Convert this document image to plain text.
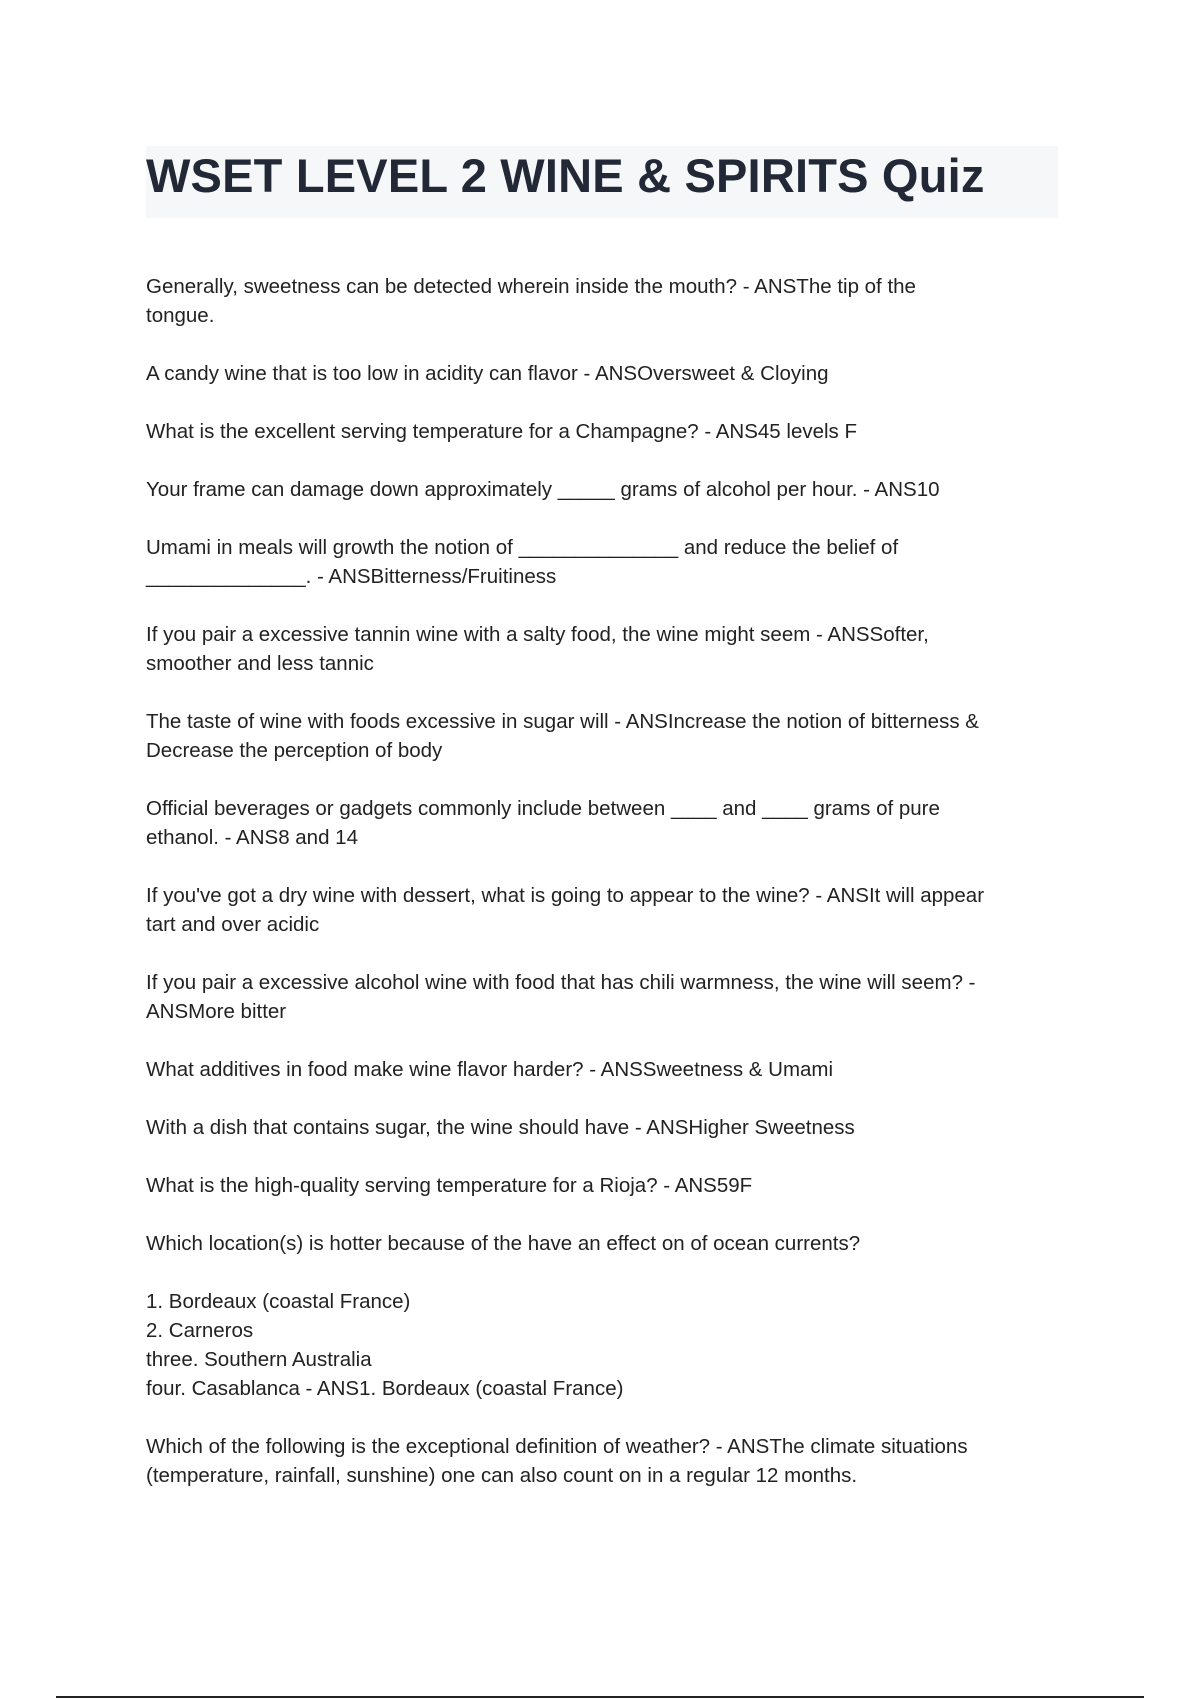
WSET LEVEL 2 WINE & SPIRITS Quiz

Generally, sweetness can be detected wherein inside the mouth? - ANSThe tip of the
tongue.

A candy wine that is too low in acidity can flavor - ANSOversweet & Cloying

What is the excellent serving temperature for a Champagne? - ANS45 levels F

Your frame can damage down approximately _____ grams of alcohol per hour. - ANS10

Umami in meals will growth the notion of ______________ and reduce the belief of
______________. - ANSBitterness/Fruitiness

If you pair a excessive tannin wine with a salty food, the wine might seem - ANSSofter,
smoother and less tannic

The taste of wine with foods excessive in sugar will - ANSIncrease the notion of bitterness &
Decrease the perception of body

Official beverages or gadgets commonly include between ____ and ____ grams of pure
ethanol. - ANS8 and 14

If you've got a dry wine with dessert, what is going to appear to the wine? - ANSIt will appear
tart and over acidic

If you pair a excessive alcohol wine with food that has chili warmness, the wine will seem? -
ANSMore bitter

What additives in food make wine flavor harder? - ANSSweetness & Umami

With a dish that contains sugar, the wine should have - ANSHigher Sweetness

What is the high-quality serving temperature for a Rioja? - ANS59F

Which location(s) is hotter because of the have an effect on of ocean currents?

1. Bordeaux (coastal France)
2. Carneros
three. Southern Australia
four. Casablanca - ANS1. Bordeaux (coastal France)

Which of the following is the exceptional definition of weather? - ANSThe climate situations
(temperature, rainfall, sunshine) one can also count on in a regular 12 months.
